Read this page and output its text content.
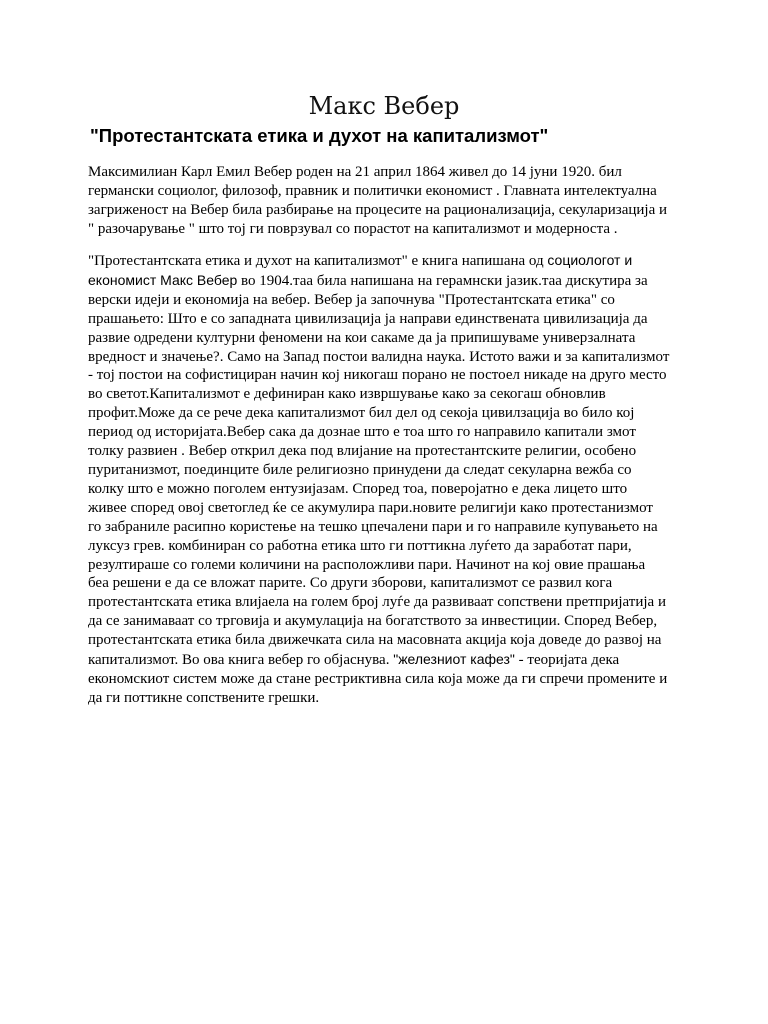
Макс Вебер
"Протестантската етика и духот на капитализмот"
Максимилиан Карл Емил Вебер роден на 21 април 1864 живел до 14 јуни 1920. бил
германски социолог, филозоф, правник и политички економист . Главната интелектуална
загриженост на Вебер била разбирање на процесите на рационализација, секуларизација и
" разочарување " што тој ги поврзувал со порастот на капитализмот и модерноста .
"Протестантската етика и духот на капитализмот" е книга напишана од социологот и
економист Макс Вебер во 1904.таа била напишана на герамнски јазик.таа дискутира за
верски идеји и економија на вебер. Вебер ја започнува "Протестантската етика" со
прашањето: Што е со западната цивилизација ја направи единствената цивилизација да
развие одредени културни феномени на кои сакаме да ја припишуваме универзалната
вредност и значење?. Само на Запад постои валидна наука. Истото важи и за капитализмот
- тој постои на софистициран начин кој никогаш порано не постоел никаде на друго место
во светот.Капитализмот е дефиниран како извршување како за секогаш обновлив
профит.Може да се рече дека капитализмот бил дел од секоја цивилзација во било кој
период од историјата.Вебер сака да дознае што е тоа што го направило капитали змот
толку развиен . Вебер открил дека под влијание на протестантските религии, особено
пуританизмот, поединците биле религиозно принудени да следат секуларна вежба со
колку што е можно поголем ентузијазам. Според тоа, поверојатно е дека лицето што
живее според овој светоглед ќе се акумулира пари.новите религији како протестанизмот
го забраниле расипно користење на тешко цпечалени пари и го направиле купувањето на
луксуз грев. комбиниран со работна етика што ги поттикна луѓето да заработат пари,
резултираше со големи количини на расположливи пари. Начинот на кој овие прашања
беа решени е да се вложат парите. Со други зборови, капитализмот се развил кога
протестантската етика влијаела на голем број луѓе да развиваат сопствени претпријатија и
да се занимаваат со трговија и акумулација на богатството за инвестиции. Според Вебер,
протестантската етика била движечката сила на масовната акција која доведе до развој на
капитализмот. Во ова книга вебер го објаснува. "железниот кафез" - теоријата дека
економскиот систем може да стане рестриктивна сила која може да ги спречи промените и
да ги поттикне сопствените грешки.
